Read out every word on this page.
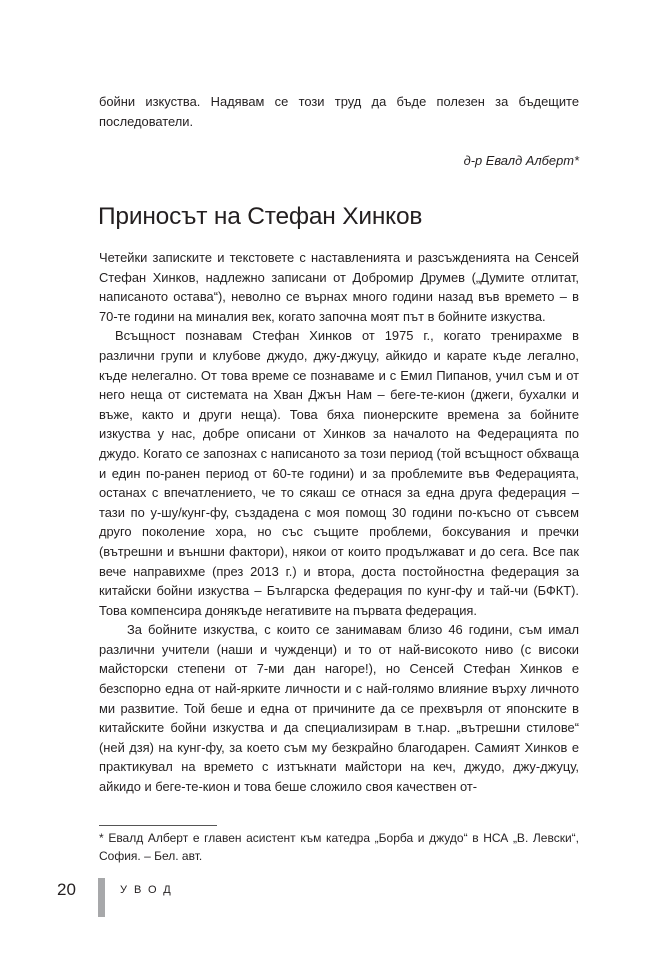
бойни изкуства. Надявам се този труд да бъде полезен за бъдещите последователи.

д-р Евалд Алберт*
Приносът на Стефан Хинков

Четейки записките и текстовете с наставленията и разсъжденията на Сенсей Стефан Хинков, надлежно записани от Добромир Друмев („Думите отлитат, написаното остава“), неволно се върнах много години назад във времето – в 70-те години на миналия век, когато започна моят път в бойните изкуства.

Всъщност познавам Стефан Хинков от 1975 г., когато тренирахме в различни групи и клубове джудо, джу-джуцу, айкидо и карате къде легално, къде нелегално. От това време се познаваме и с Емил Пипанов, учил съм и от него неща от системата на Хван Джън Нам – беге-те-кион (джеги, бухалки и въже, както и други неща). Това бяха пионерските времена за бойните изкуства у нас, добре описани от Хинков за началото на Федерацията по джудо. Когато се запознах с написаното за този период (той всъщност обхваща и един по-ранен период от 60-те години) и за проблемите във Федерацията, останах с впечатлението, че то сякаш се отнася за една друга федерация – тази по у-шу/кунг-фу, създадена с моя помощ 30 години по-късно от съвсем друго поколение хора, но със същите проблеми, боксувания и пречки (вътрешни и външни фактори), някои от които продължават и до сега. Все пак вече направихме (през 2013 г.) и втора, доста постойностна федерация за китайски бойни изкуства – Българска федерация по кунг-фу и тай-чи (БФКТ). Това компенсира донякъде негативите на първата федерация.

За бойните изкуства, с които се занимавам близо 46 години, съм имал различни учители (наши и чужденци) и то от най-високото ниво (с високи майсторски степени от 7-ми дан нагоре!), но Сенсей Стефан Хинков е безспорно една от най-ярките личности и с най-голямо влияние върху личното ми развитие. Той беше и една от причините да се прехвърля от японските в китайските бойни изкуства и да специализирам в т.нар. „вътрешни стилове“ (ней дзя) на кунг-фу, за което съм му безкрайно благодарен. Самият Хинков е практикувал на времето с изтъкнати майстори на кеч, джудо, джу-джуцу, айкидо и беге-те-кион и това беше сложило своя качествен от-

* Евалд Алберт е главен асистент към катедра „Борба и джудо“ в НСА „В. Левски“, София. – Бел. авт.

20	УВОД
